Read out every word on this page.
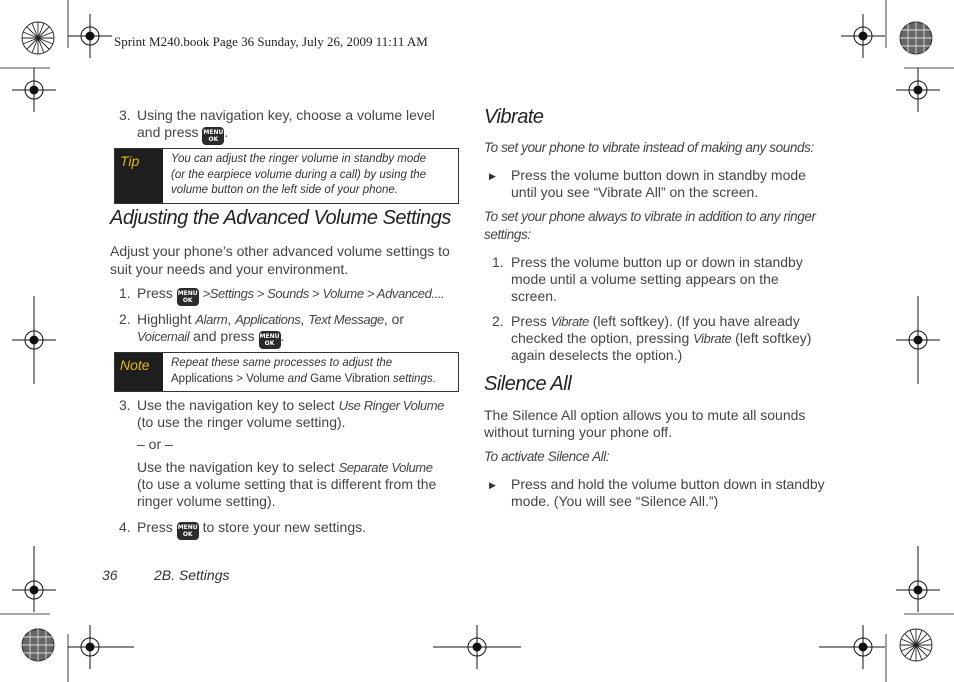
Sprint M240.book Page 36 Sunday, July 26, 2009 11:11 AM
3. Using the navigation key, choose a volume level
and press MENU
OK .
Tip	You can adjust the ringer volume in standby mode
(or the earpiece volume during a call) by using the
volume button on the left side of your phone.
Adjusting the Advanced Volume Settings
Adjust your phone’s other advanced volume settings to
suit your needs and your environment.
1. Press MENU
OK >Settings > Sounds > Volume > Advanced....
2. Highlight Alarm, Applications, Text Message, or
Voicemail and press MENU
OK .
Note	Repeat these same processes to adjust the
Applications > Volume and Game Vibration settings.
3. Use the navigation key to select Use Ringer Volume
(to use the ringer volume setting).
– or –
Use the navigation key to select Separate Volume
(to use a volume setting that is different from the
ringer volume setting).
4. Press MENU
OK to store your new settings.
Vibrate
To set your phone to vibrate instead of making any sounds:
▶ Press the volume button down in standby mode
until you see “Vibrate All” on the screen.
To set your phone always to vibrate in addition to any ringer
settings:
1. Press the volume button up or down in standby
mode until a volume setting appears on the
screen.
2. Press Vibrate (left softkey). (If you have already
checked the option, pressing Vibrate (left softkey)
again deselects the option.)
Silence All
The Silence All option allows you to mute all sounds
without turning your phone off.
To activate Silence All:
▶ Press and hold the volume button down in standby
mode. (You will see “Silence All.”)
36	2B. Settings
